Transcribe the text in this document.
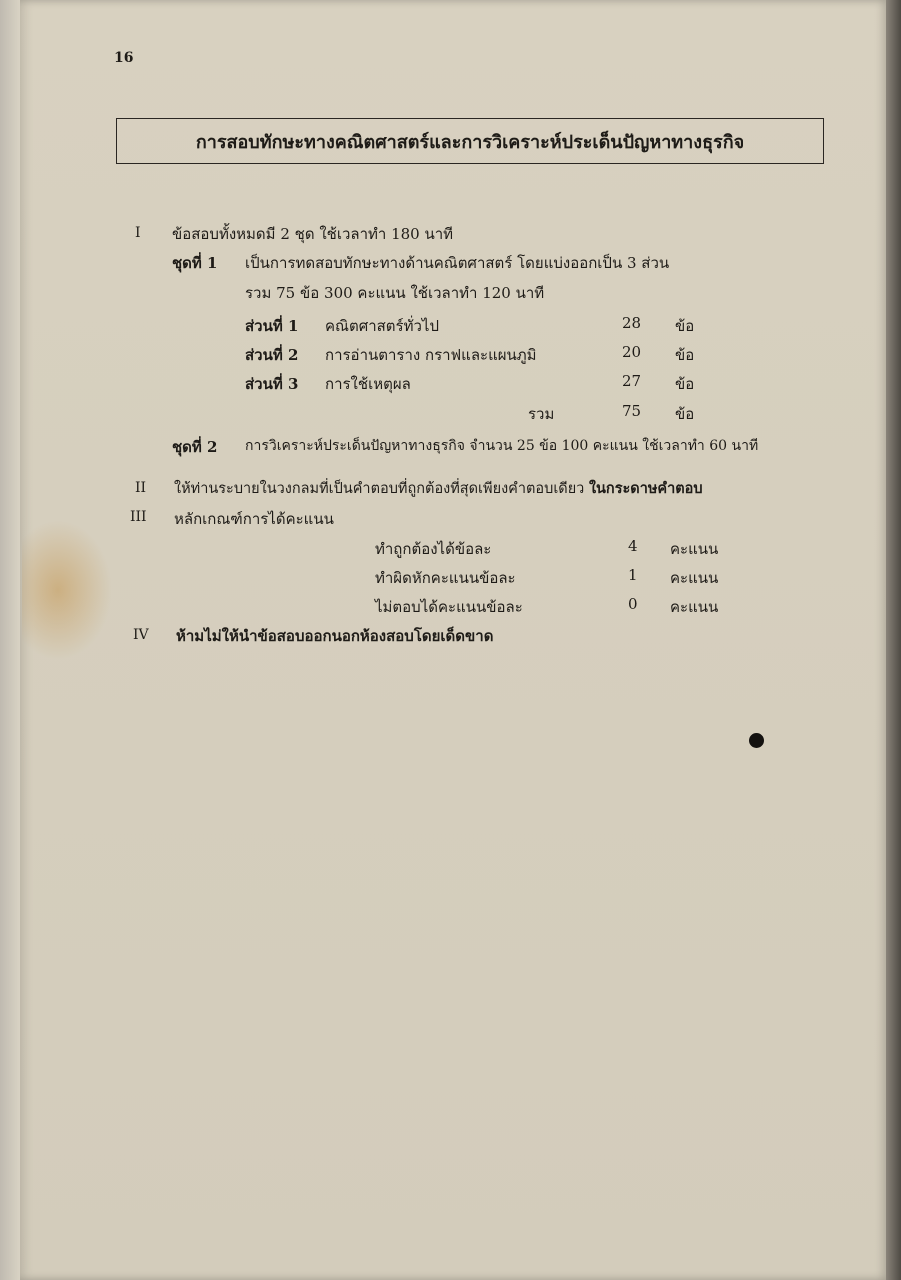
16
การสอบทักษะทางคณิตศาสตร์และการวิเคราะห์ประเด็นปัญหาทางธุรกิจ
I ข้อสอบทั้งหมดมี 2 ชุด ใช้เวลาทำ 180 นาที
ชุดที่ 1 เป็นการทดสอบทักษะทางด้านคณิตศาสตร์ โดยแบ่งออกเป็น 3 ส่วน
รวม 75 ข้อ 300 คะแนน ใช้เวลาทำ 120 นาที
ส่วนที่ 1 คณิตศาสตร์ทั่วไป	28 ข้อ
ส่วนที่ 2 การอ่านตาราง กราฟและแผนภูมิ	20 ข้อ
ส่วนที่ 3 การใช้เหตุผล	27 ข้อ
รวม	75 ข้อ
ชุดที่ 2 การวิเคราะห์ประเด็นปัญหาทางธุรกิจ จำนวน 25 ข้อ 100 คะแนน ใช้เวลาทำ 60 นาที
II ให้ท่านระบายในวงกลมที่เป็นคำตอบที่ถูกต้องที่สุดเพียงคำตอบเดียว ในกระดาษคำตอบ
III หลักเกณฑ์การได้คะแนน
ทำถูกต้องได้ข้อละ	4 คะแนน
ทำผิดหักคะแนนข้อละ	1 คะแนน
ไม่ตอบได้คะแนนข้อละ	0 คะแนน
IV ห้ามไม่ให้นำข้อสอบออกนอกห้องสอบโดยเด็ดขาด
